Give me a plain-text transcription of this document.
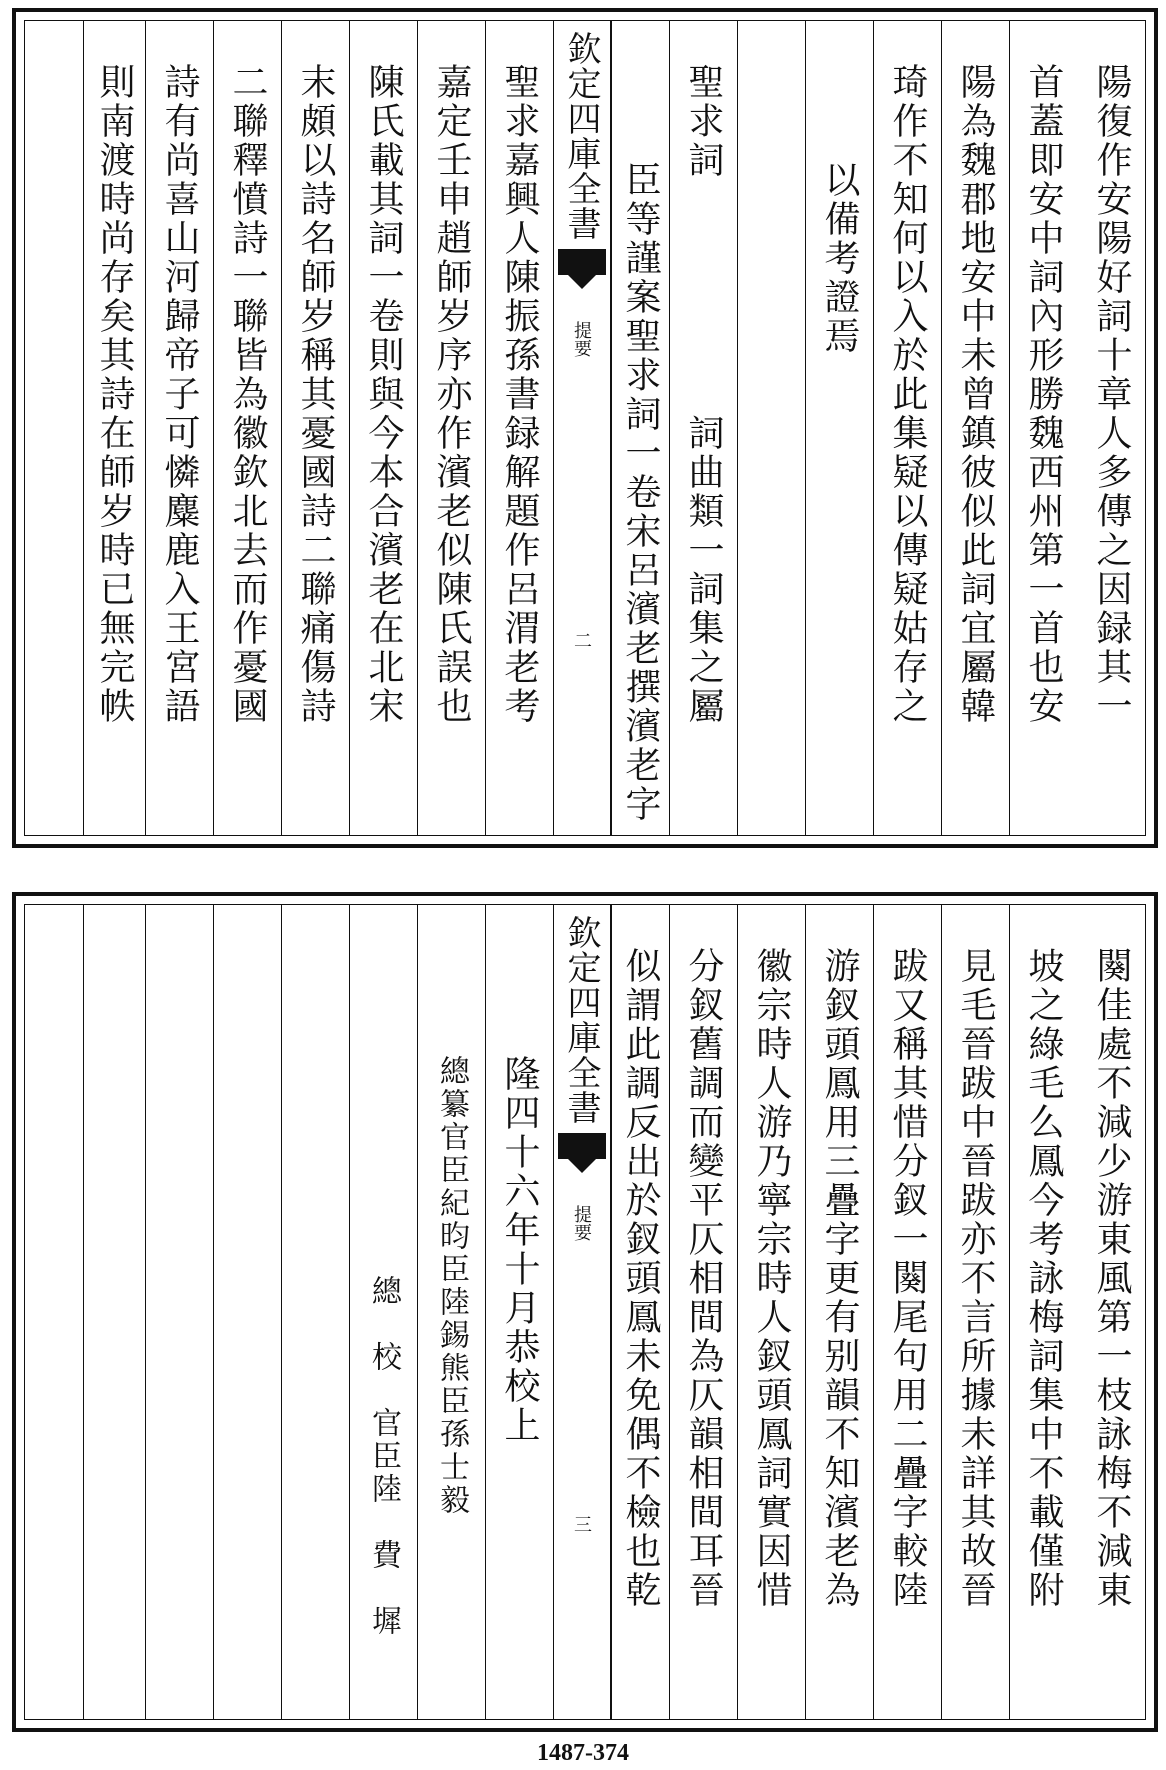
陽復作安陽好詞十章人多傳之因録其一
首蓋即安中詞內形勝魏西州第一首也安
陽為魏郡地安中未曾鎮彼似此詞宜屬韓
琦作不知何以入於此集疑以傳疑姑存之
以備考證焉
聖求詞　　　　　　詞曲類一詞集之屬
臣等謹案聖求詞一卷宋呂濱老撰濱老字
欽定四庫全書
提要
二
聖求嘉興人陳振孫書録解題作呂渭老考
嘉定壬申趙師岁序亦作濱老似陳氏誤也
陳氏載其詞一卷則與今本合濱老在北宋
末頗以詩名師岁稱其憂國詩二聯痛傷詩
二聯釋憤詩一聯皆為徽欽北去而作憂國
詩有尚喜山河歸帝子可憐麋鹿入王宮語
則南渡時尚存矣其詩在師岁時已無完帙
闋佳處不減少游東風第一枝詠梅不減東
坡之綠毛么鳳今考詠梅詞集中不載僅附
見毛晉跋中晉跋亦不言所據未詳其故晉
跋又稱其惜分釵一闋尾句用二疊字較陸
游釵頭鳳用三疊字更有别韻不知濱老為
徽宗時人游乃寧宗時人釵頭鳳詞實因惜
分釵舊調而變平仄相間為仄韻相間耳晉
似謂此調反出於釵頭鳳未免偶不檢也乾
欽定四庫全書
提要
三
隆四十六年十月恭校上
總纂官臣紀昀臣陸錫熊臣孫士毅
總　校　官臣陸　費　墀
1487-374
